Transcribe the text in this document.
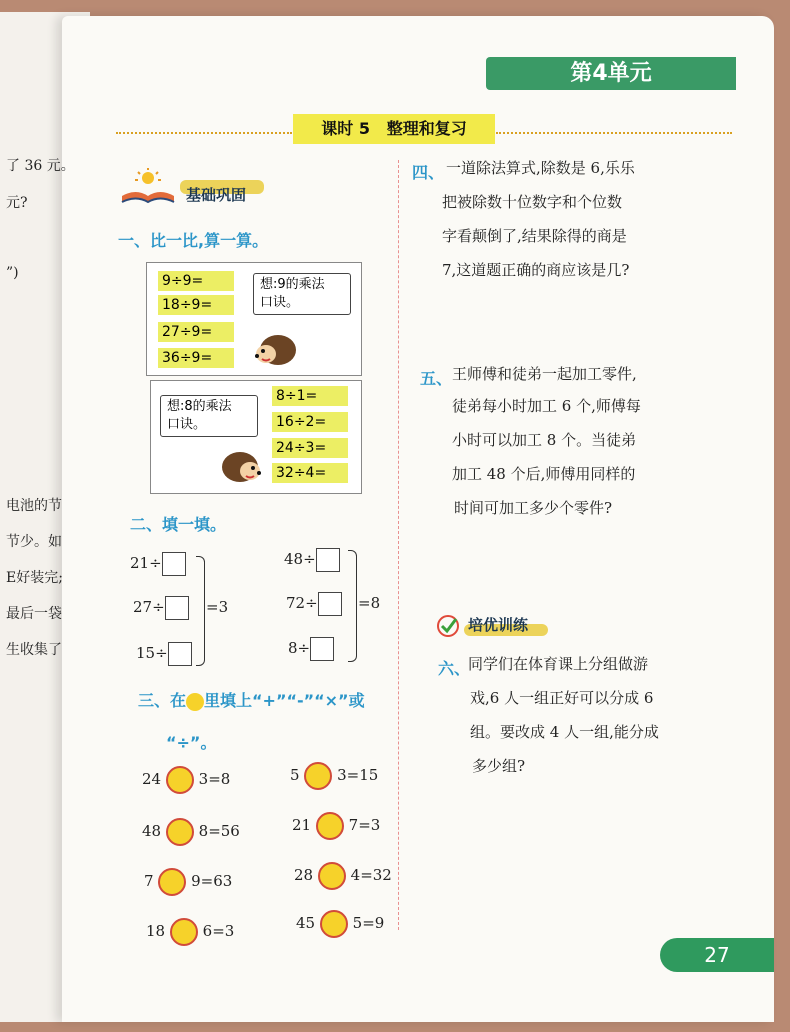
了 36 元。
元?
”)
电池的节
节少。如
E好装完;
最后一袋
生收集了
第4单元
课时 5 整理和复习
基础巩固
一、比一比,算一算。
9÷9=
18÷9=
27÷9=
36÷9=
想:9的乘法
口诀。
想:8的乘法
口诀。
8÷1=
16÷2=
24÷3=
32÷4=
二、填一填。
21÷
27÷
15÷
=3
48÷
72÷
8÷
=8
三、在 里填上“+”“-”“×”或
“÷”。
24	3=8
48	8=56
7	9=63
18	6=3
5	3=15
21	7=3
28	4=32
45	5=9
四、 一道除法算式,除数是 6,乐乐
把被除数十位数字和个位数
字看颠倒了,结果除得的商是
7,这道题正确的商应该是几?
五、 王师傅和徒弟一起加工零件,
徒弟每小时加工 6 个,师傅每
小时可以加工 8 个。当徒弟
加工 48 个后,师傅用同样的
时间可加工多少个零件?
培优训练
六、
同学们在体育课上分组做游
戏,6 人一组正好可以分成 6
组。要改成 4 人一组,能分成
多少组?
27
